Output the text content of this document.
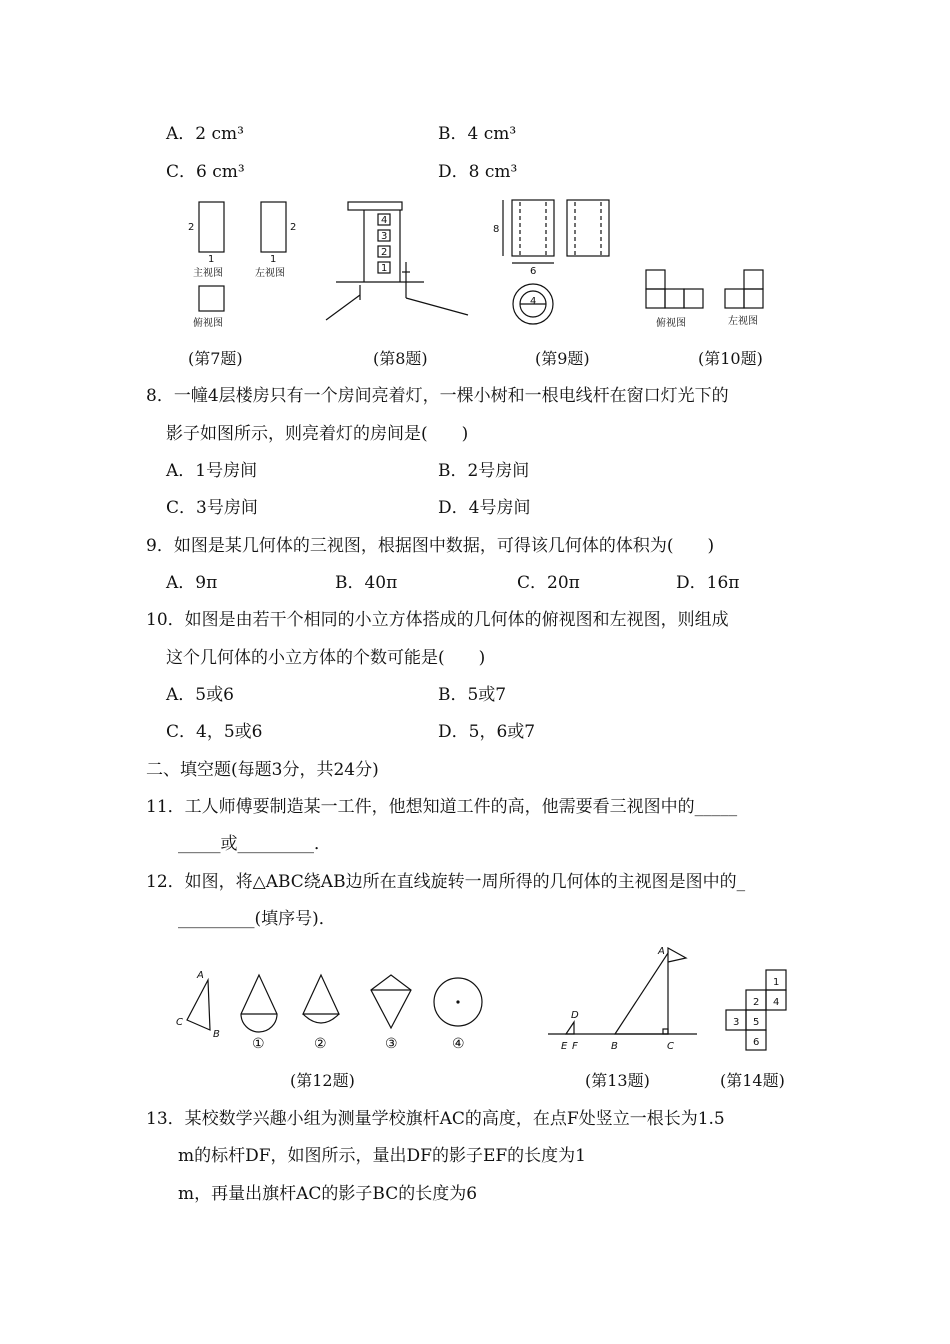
A．2 cm³	B．4 cm³
C．6 cm³	D．8 cm³
2	2
1	1
主视图	左视图
俯视图
4
3
2
1
8
6
4
俯视图	左视图
(第7题)	(第8题)	(第9题)	(第10题)
8．一幢4层楼房只有一个房间亮着灯，一棵小树和一根电线杆在窗口灯光下的
影子如图所示，则亮着灯的房间是(　　)
A．1号房间	B．2号房间
C．3号房间	D．4号房间
9．如图是某几何体的三视图，根据图中数据，可得该几何体的体积为(　　)
A．9π	B．40π	C．20π	D．16π
10．如图是由若干个相同的小立方体搭成的几何体的俯视图和左视图，则组成
这个几何体的小立方体的个数可能是(　　)
A．5或6	B．5或7
C．4，5或6	D．5，6或7
二、填空题(每题3分，共24分)
11．工人师傅要制造某一工件，他想知道工件的高，他需要看三视图中的_____
_____或_________．
12．如图，将△ABC绕AB边所在直线旋转一周所得的几何体的主视图是图中的_
_________(填序号)．
A
C
B
①	②	③	④
A
D
E F	B	C
1
2 4
3 5
6
(第12题)	(第13题)	(第14题)
13．某校数学兴趣小组为测量学校旗杆AC的高度，在点F处竖立一根长为1.5
m的标杆DF，如图所示，量出DF的影子EF的长度为1
m，再量出旗杆AC的影子BC的长度为6
